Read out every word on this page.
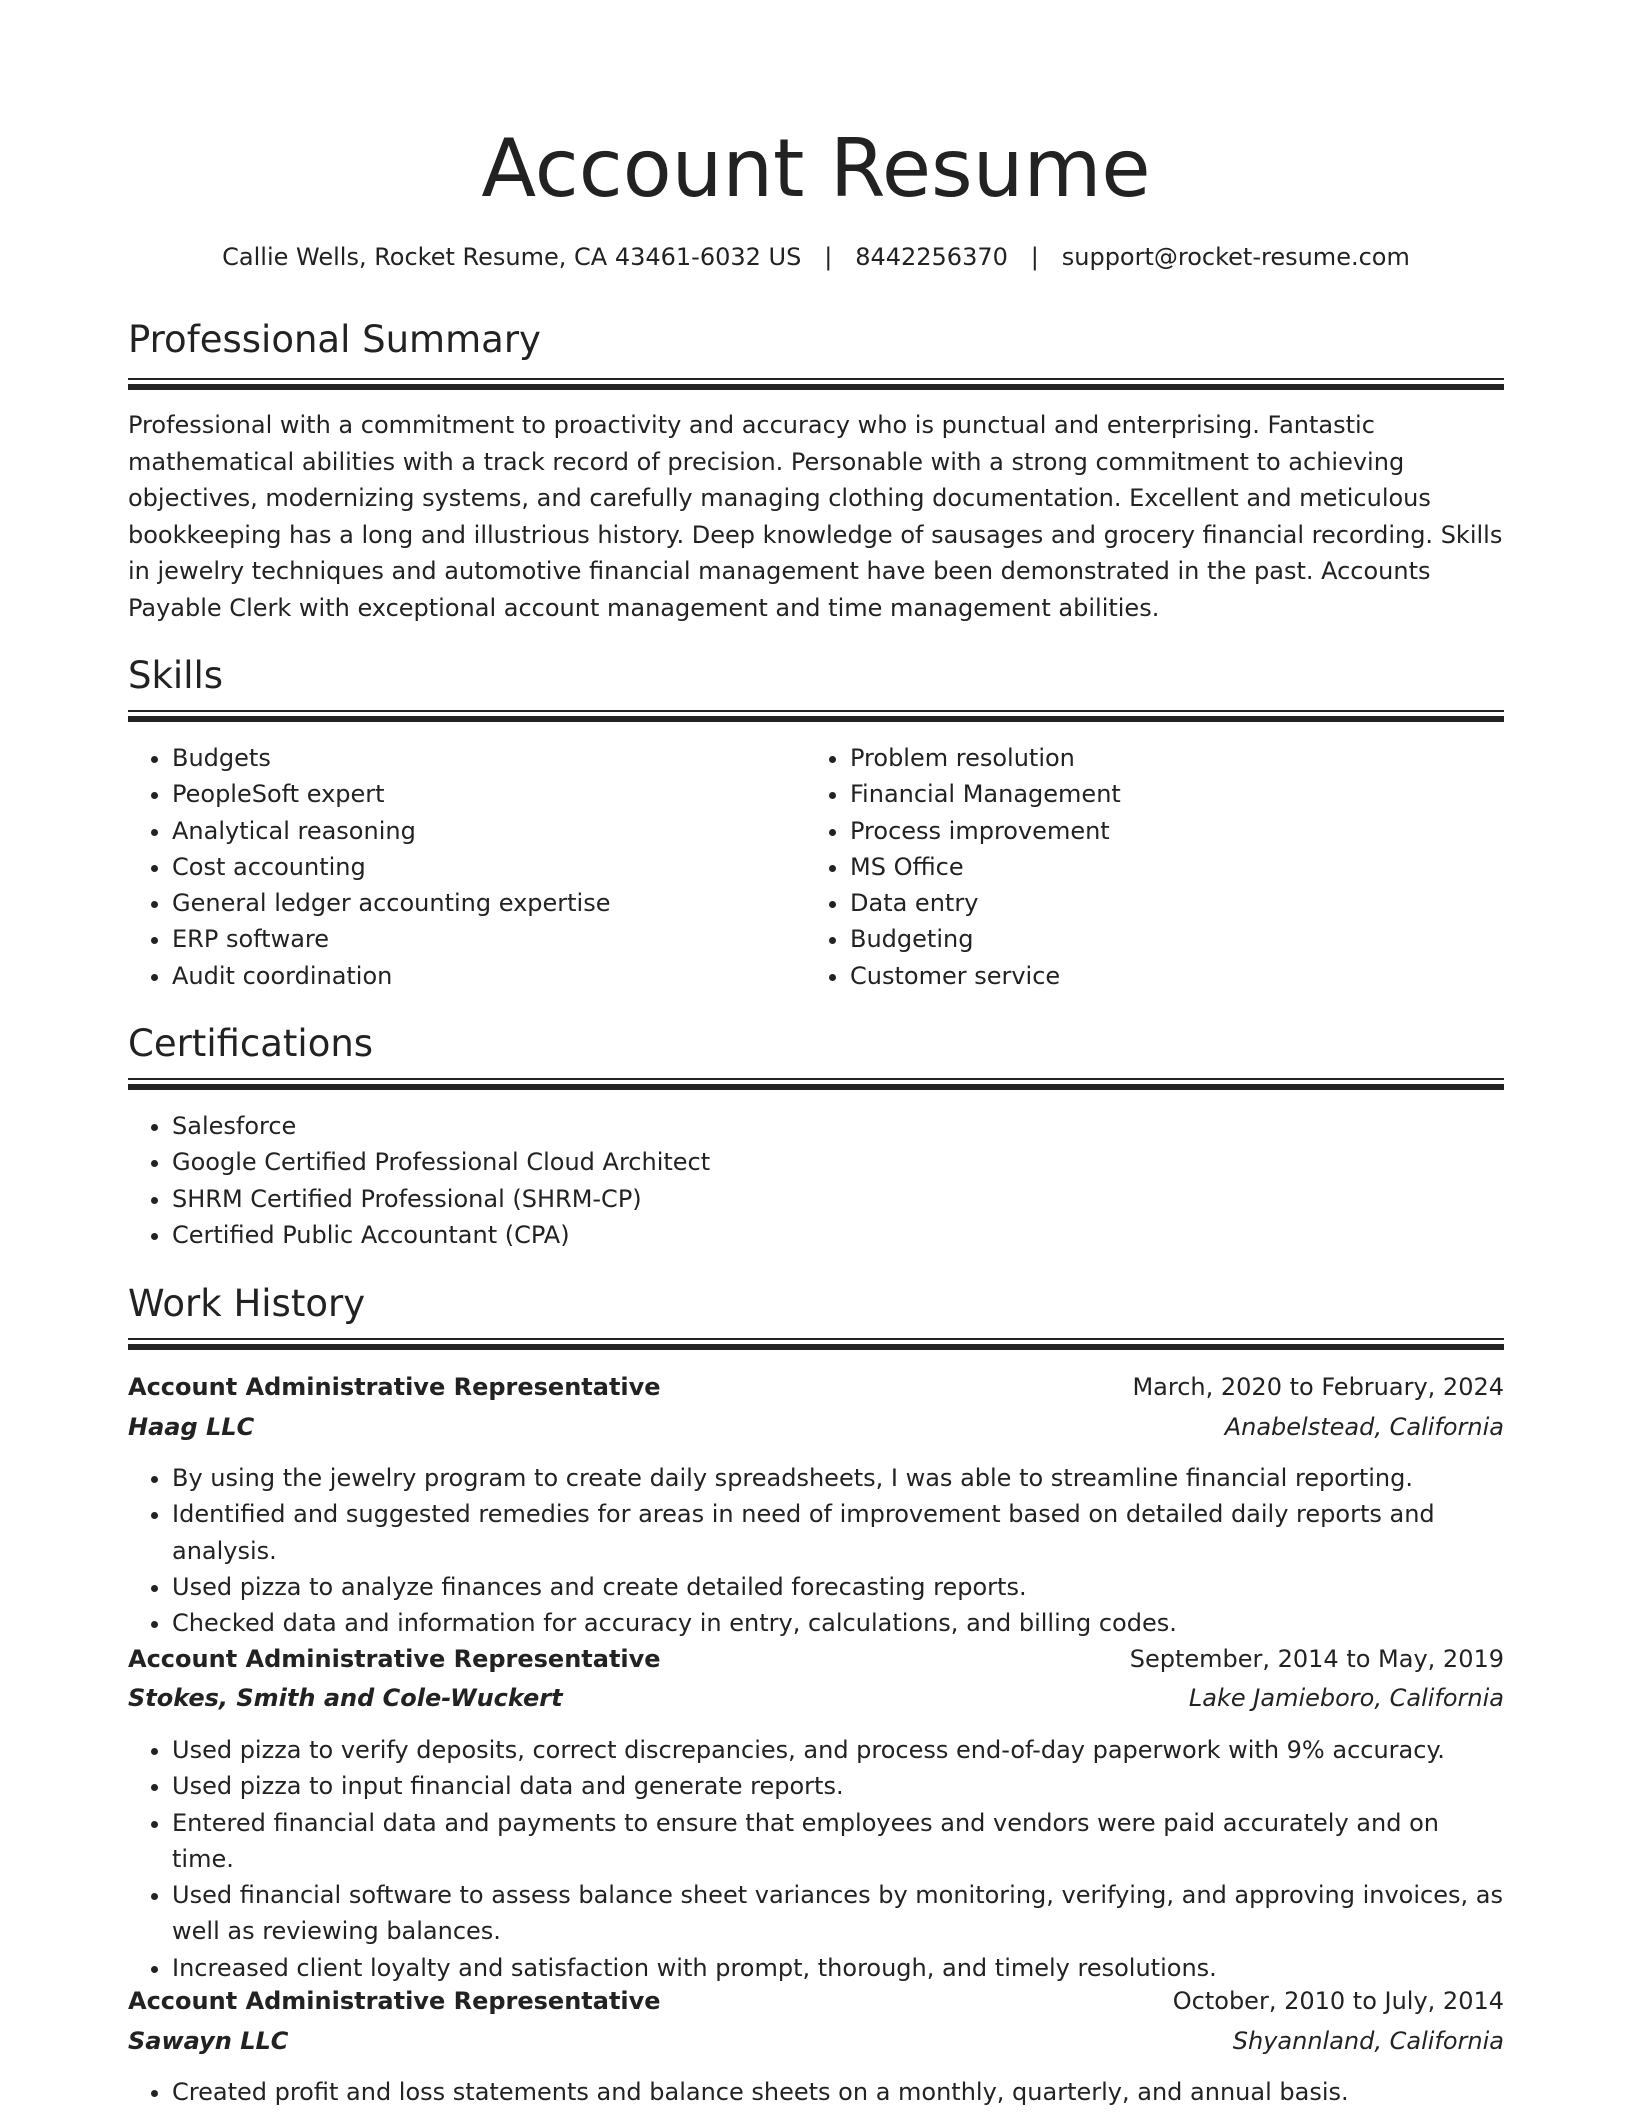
Account Resume
Callie Wells, Rocket Resume, CA 43461-6032 US   |   8442256370   |   support@rocket-resume.com
Professional Summary

Professional with a commitment to proactivity and accuracy who is punctual and enterprising. Fantastic mathematical abilities with a track record of precision. Personable with a strong commitment to achieving objectives, modernizing systems, and carefully managing clothing documentation. Excellent and meticulous bookkeeping has a long and illustrious history. Deep knowledge of sausages and grocery financial recording. Skills in jewelry techniques and automotive financial management have been demonstrated in the past. Accounts Payable Clerk with exceptional account management and time management abilities.

Skills
• Budgets
• PeopleSoft expert
• Analytical reasoning
• Cost accounting
• General ledger accounting expertise
• ERP software
• Audit coordination
• Problem resolution
• Financial Management
• Process improvement
• MS Office
• Data entry
• Budgeting
• Customer service
Certifications
• Salesforce
• Google Certified Professional Cloud Architect
• SHRM Certified Professional (SHRM-CP)
• Certified Public Accountant (CPA)
Work History
Account Administrative Representative	March, 2020 to February, 2024
Haag LLC	Anabelstead, California
• By using the jewelry program to create daily spreadsheets, I was able to streamline financial reporting.
• Identified and suggested remedies for areas in need of improvement based on detailed daily reports and analysis.
• Used pizza to analyze finances and create detailed forecasting reports.
• Checked data and information for accuracy in entry, calculations, and billing codes.
Account Administrative Representative	September, 2014 to May, 2019
Stokes, Smith and Cole-Wuckert	Lake Jamieboro, California
• Used pizza to verify deposits, correct discrepancies, and process end-of-day paperwork with 9% accuracy.
• Used pizza to input financial data and generate reports.
• Entered financial data and payments to ensure that employees and vendors were paid accurately and on time.
• Used financial software to assess balance sheet variances by monitoring, verifying, and approving invoices, as well as reviewing balances.
• Increased client loyalty and satisfaction with prompt, thorough, and timely resolutions.
Account Administrative Representative	October, 2010 to July, 2014
Sawayn LLC	Shyannland, California
• Created profit and loss statements and balance sheets on a monthly, quarterly, and annual basis.
